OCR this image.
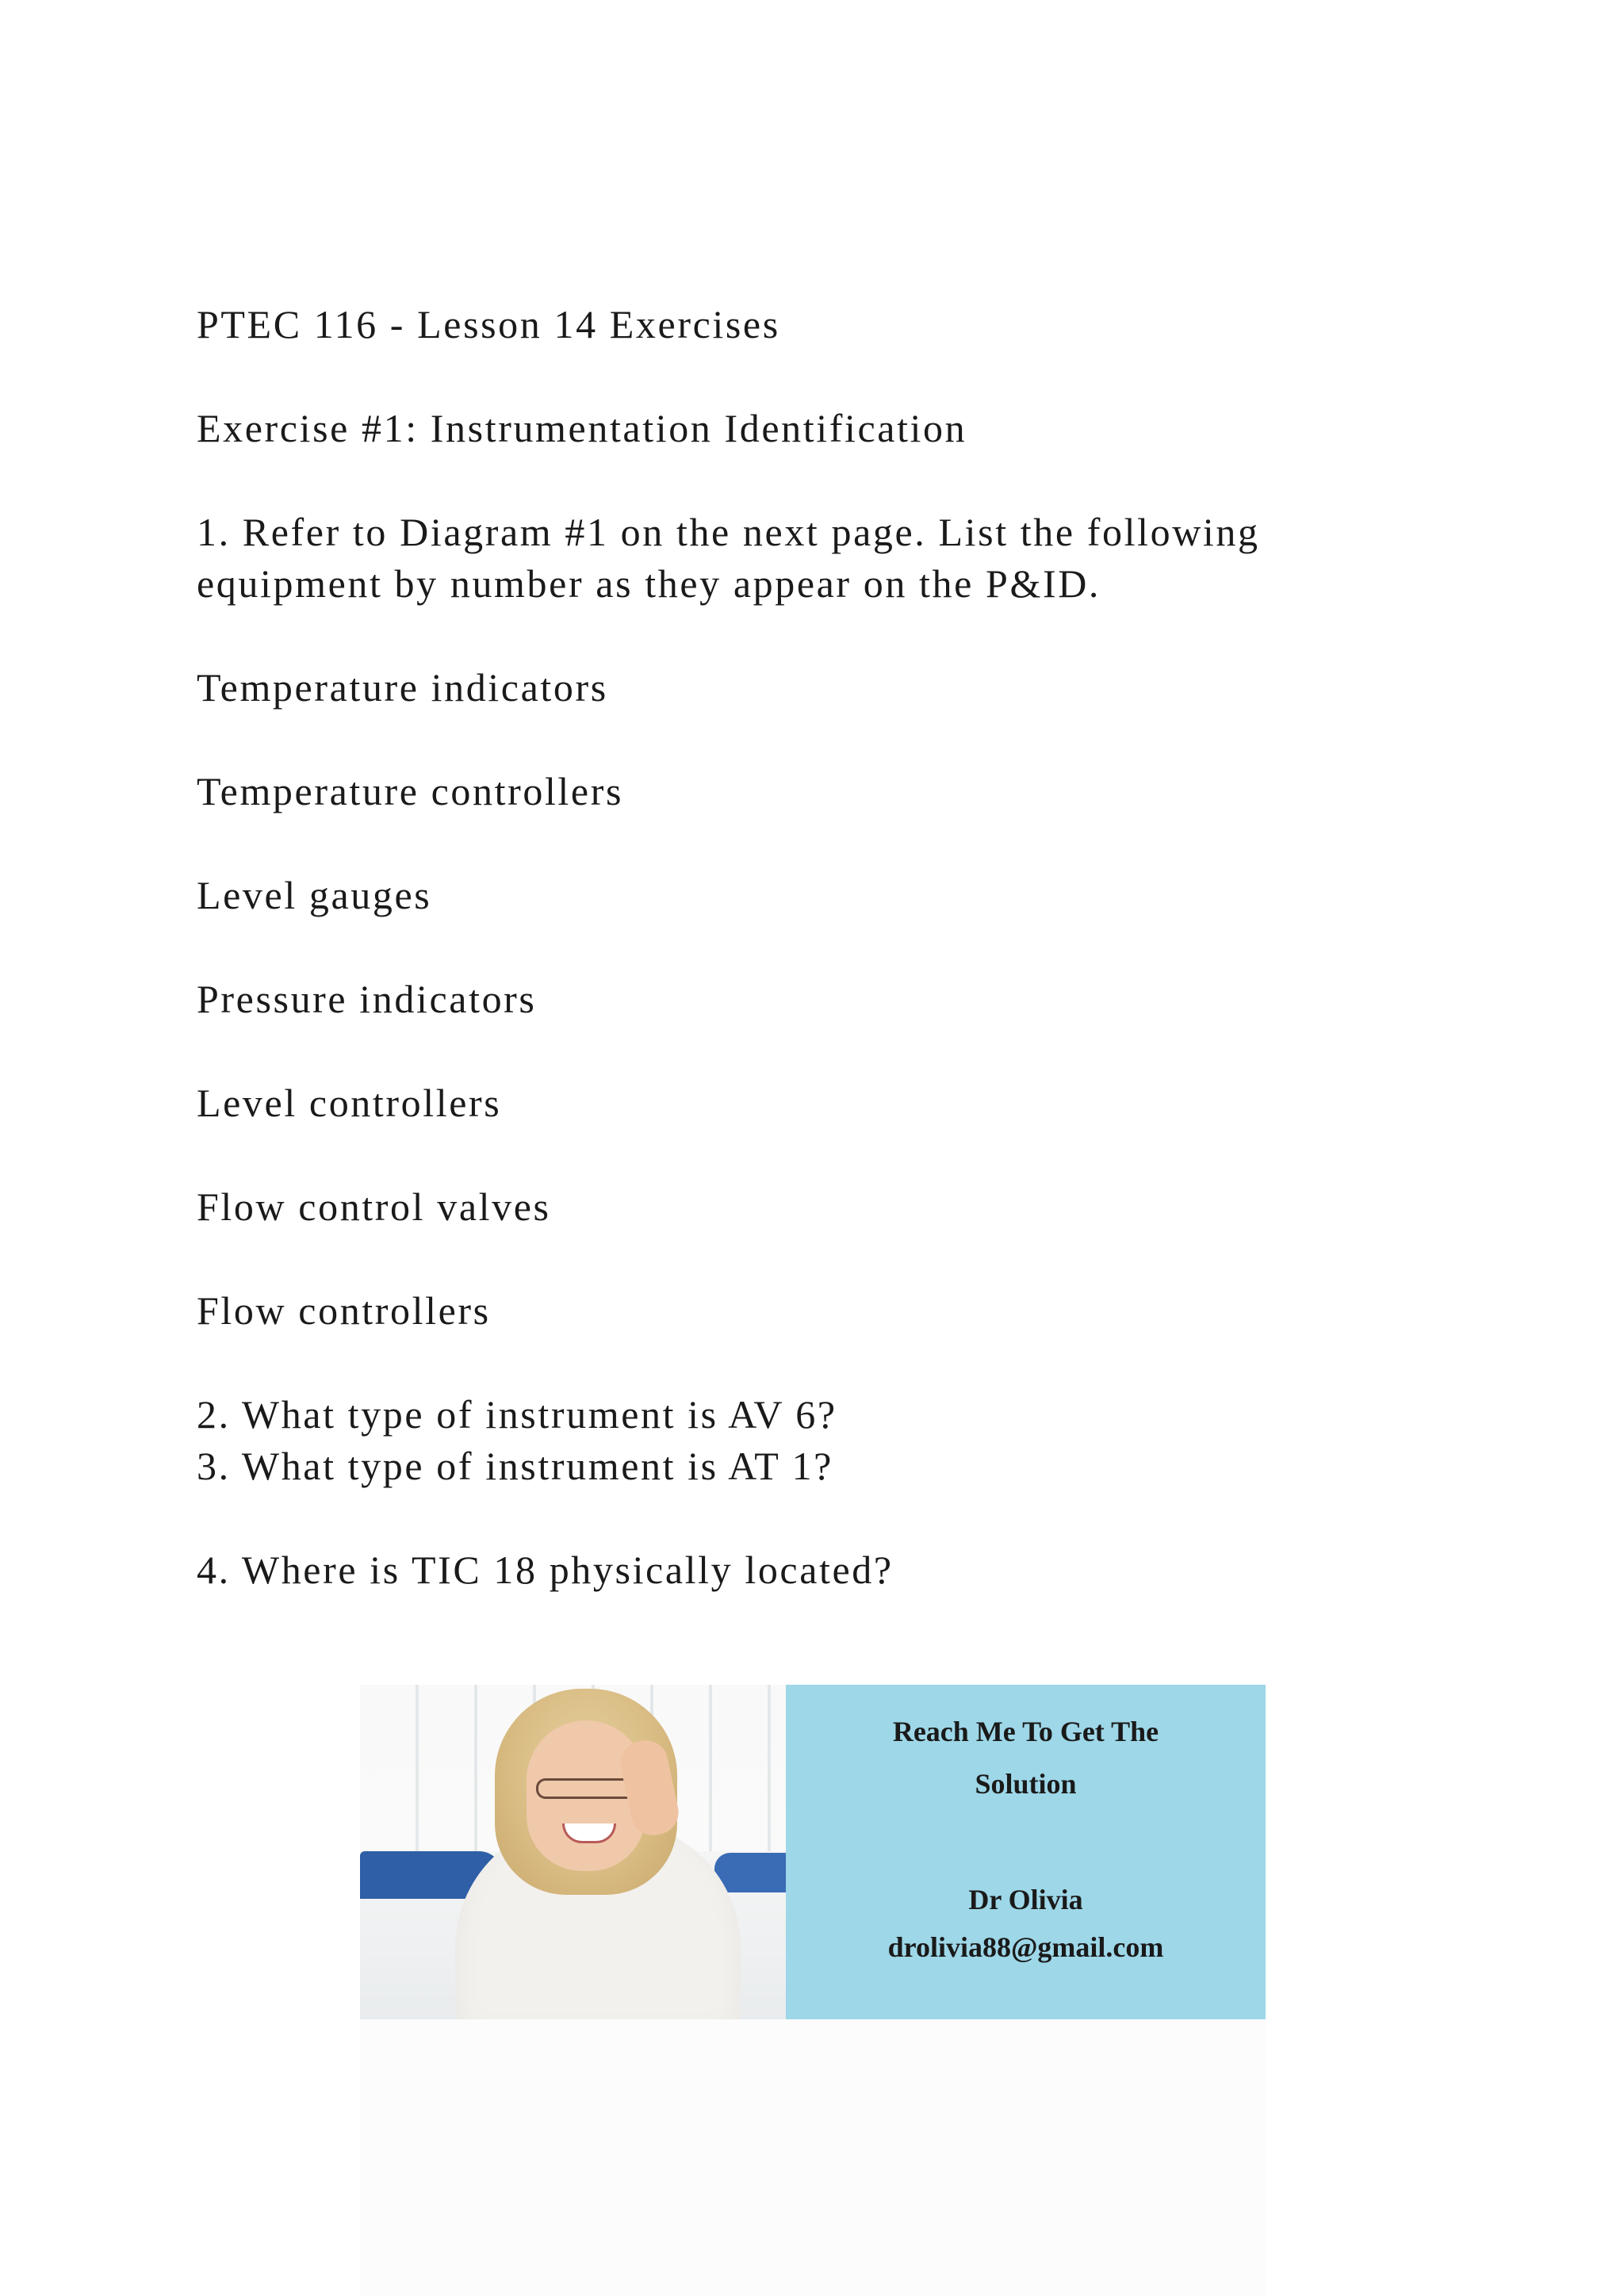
PTEC 116 - Lesson 14 Exercises
Exercise #1: Instrumentation Identification
1. Refer to Diagram #1 on the next page. List the following
equipment by number as they appear on the P&ID.
Temperature indicators
Temperature controllers
Level gauges
Pressure indicators
Level controllers
Flow control valves
Flow controllers
2. What type of instrument is AV 6?
3. What type of instrument is AT 1?
4. Where is TIC 18 physically located?
Reach Me To Get The
Solution
Dr Olivia
drolivia88@gmail.com
